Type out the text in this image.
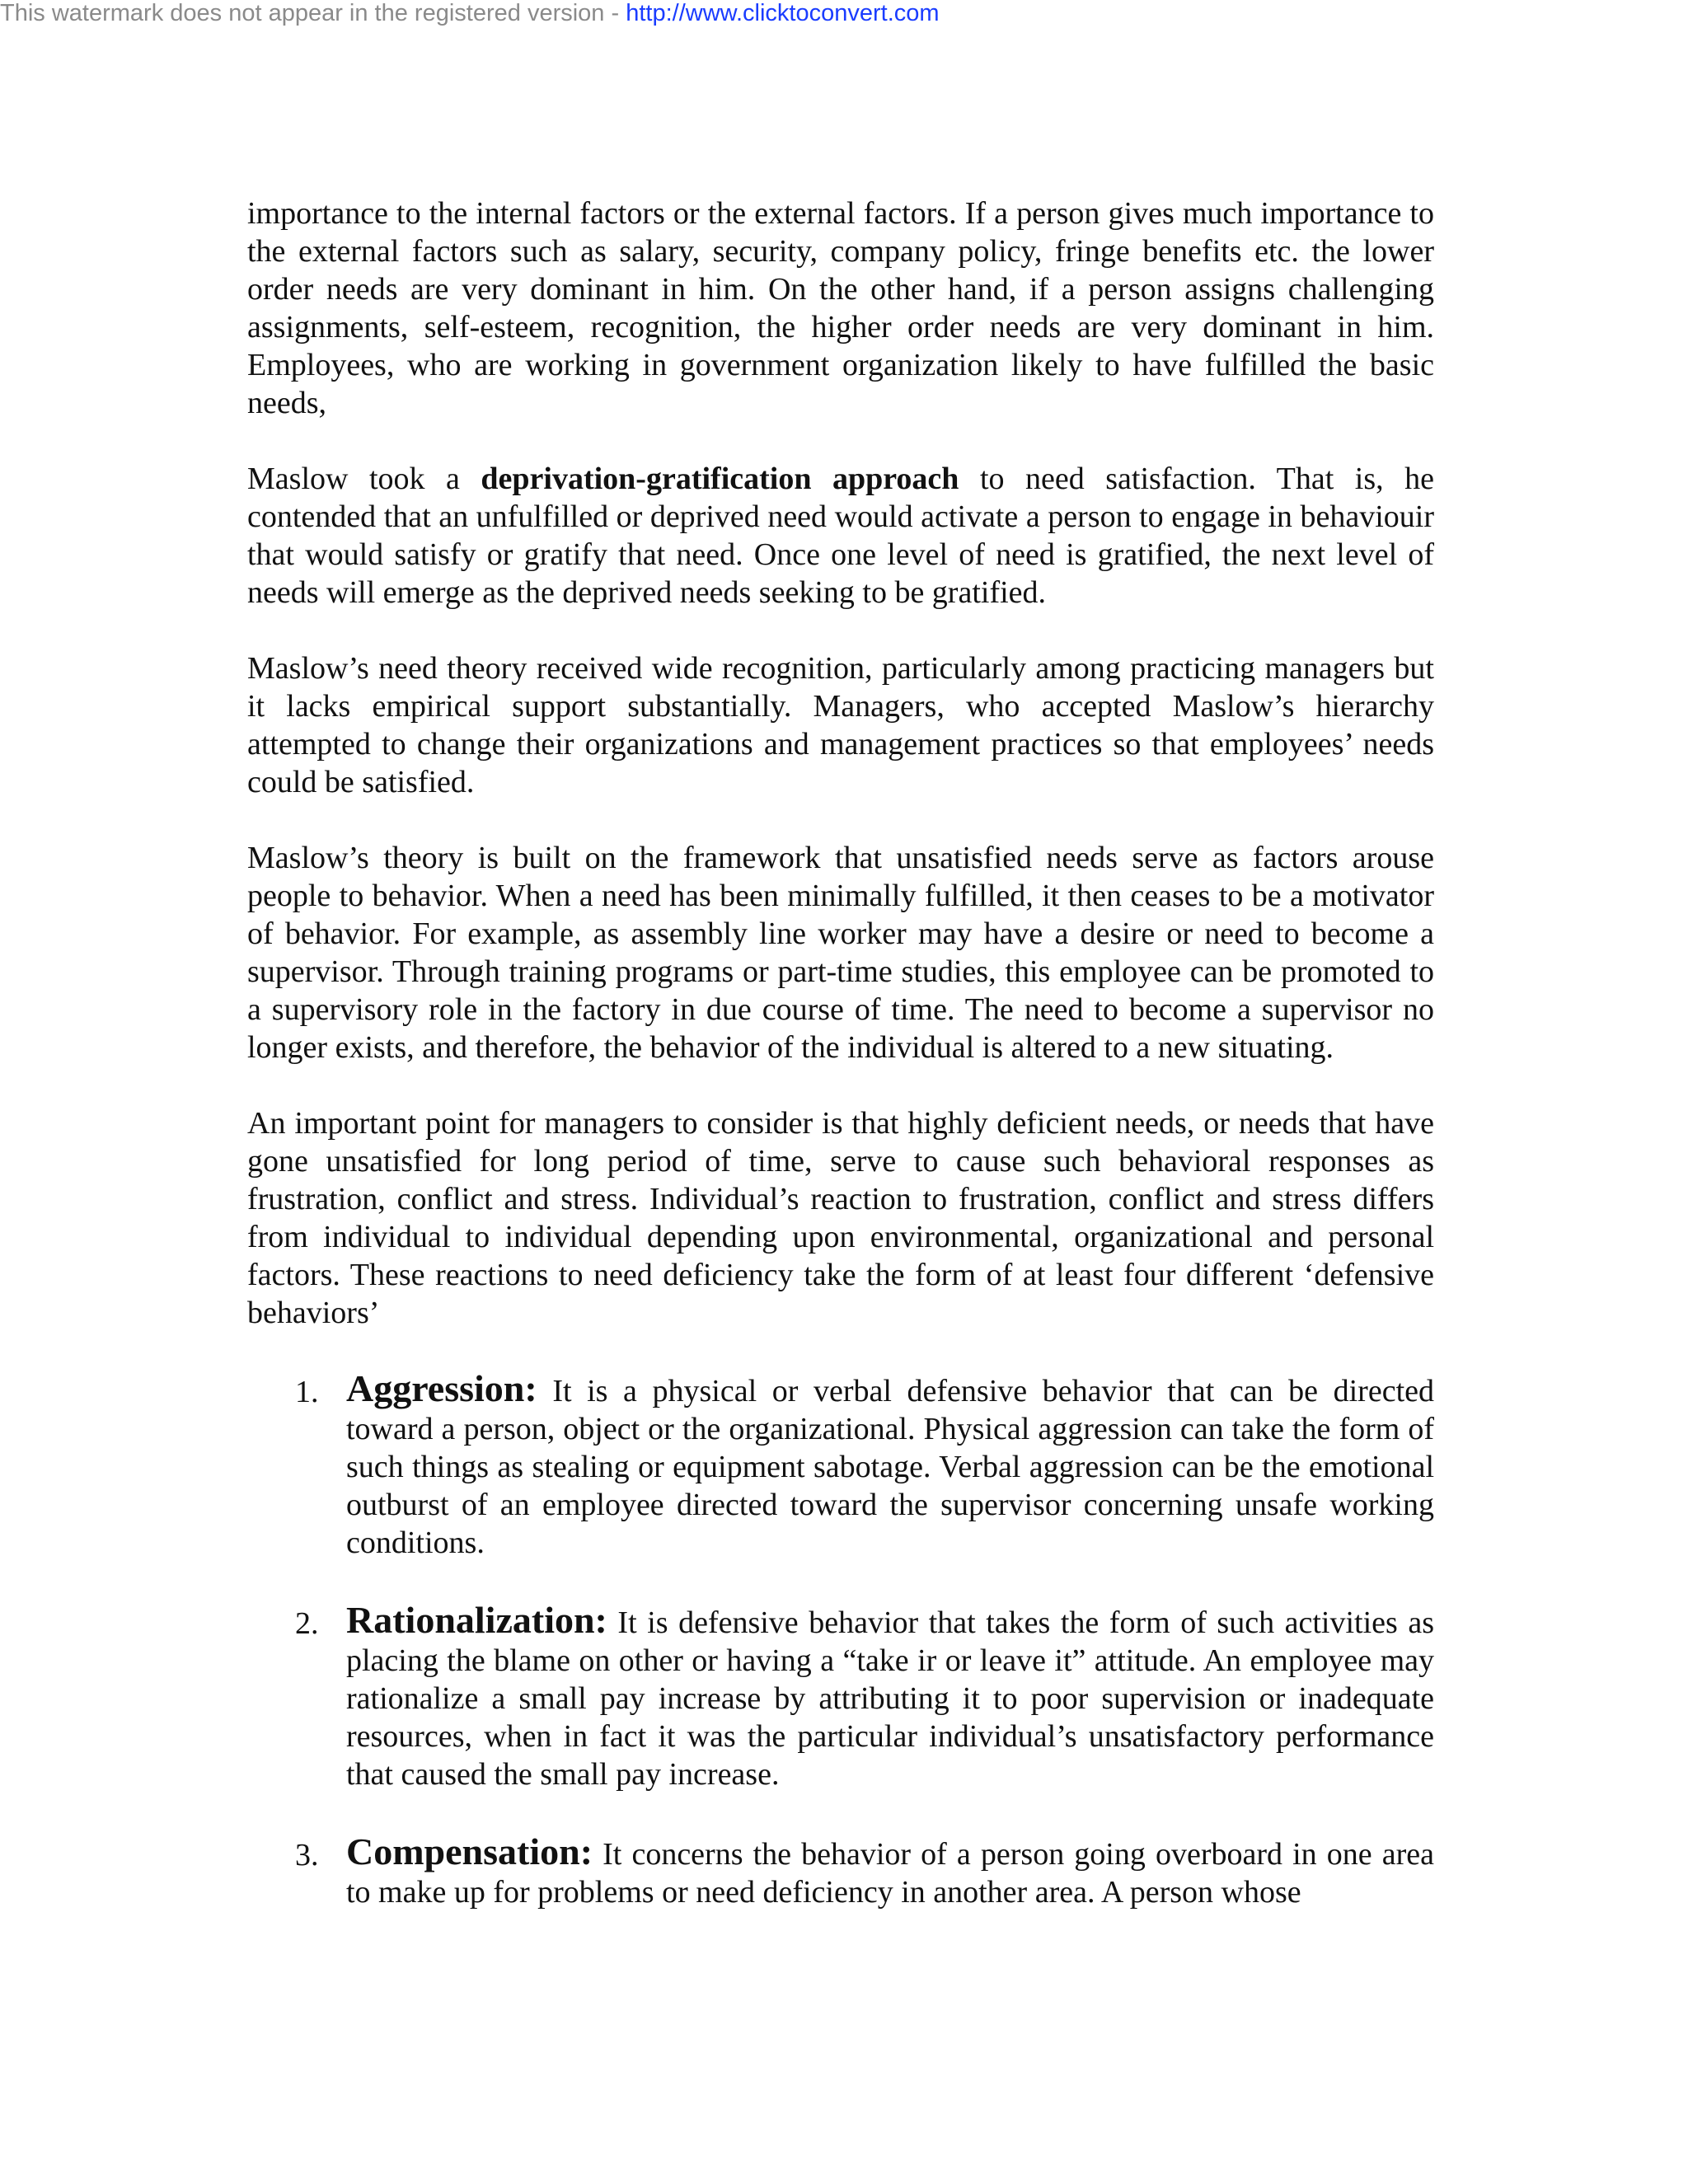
This watermark does not appear in the registered version - http://www.clicktoconvert.com

importance to the internal factors or the external factors. If a person gives much importance to the external factors such as salary, security, company policy, fringe benefits etc. the lower order needs are very dominant in him. On the other hand, if a person assigns challenging assignments, self-esteem, recognition, the higher order needs are very dominant in him. Employees, who are working in government organization likely to have fulfilled the basic needs,

Maslow took a deprivation-gratification approach to need satisfaction. That is, he contended that an unfulfilled or deprived need would activate a person to engage in behaviouir that would satisfy or gratify that need. Once one level of need is gratified, the next level of needs will emerge as the deprived needs seeking to be gratified.

Maslow’s need theory received wide recognition, particularly among practicing managers but it lacks empirical support substantially. Managers, who accepted Maslow’s hierarchy attempted to change their organizations and management practices so that employees’ needs could be satisfied.

Maslow’s theory is built on the framework that unsatisfied needs serve as factors arouse people to behavior. When a need has been minimally fulfilled, it then ceases to be a motivator of behavior. For example, as assembly line worker may have a desire or need to become a supervisor. Through training programs or part-time studies, this employee can be promoted to a supervisory role in the factory in due course of time. The need to become a supervisor no longer exists, and therefore, the behavior of the individual is altered to a new situating.

An important point for managers to consider is that highly deficient needs, or needs that have gone unsatisfied for long period of time, serve to cause such behavioral responses as frustration, conflict and stress. Individual’s reaction to frustration, conflict and stress differs from individual to individual depending upon environmental, organizational and personal factors. These reactions to need deficiency take the form of at least four different ‘defensive behaviors’

1. Aggression: It is a physical or verbal defensive behavior that can be directed toward a person, object or the organizational. Physical aggression can take the form of such things as stealing or equipment sabotage. Verbal aggression can be the emotional outburst of an employee directed toward the supervisor concerning unsafe working conditions.
2. Rationalization: It is defensive behavior that takes the form of such activities as placing the blame on other or having a “take ir or leave it” attitude. An employee may rationalize a small pay increase by attributing it to poor supervision or inadequate resources, when in fact it was the particular individual’s unsatisfactory performance that caused the small pay increase.
3. Compensation: It concerns the behavior of a person going overboard in one area to make up for problems or need deficiency in another area. A person whose
